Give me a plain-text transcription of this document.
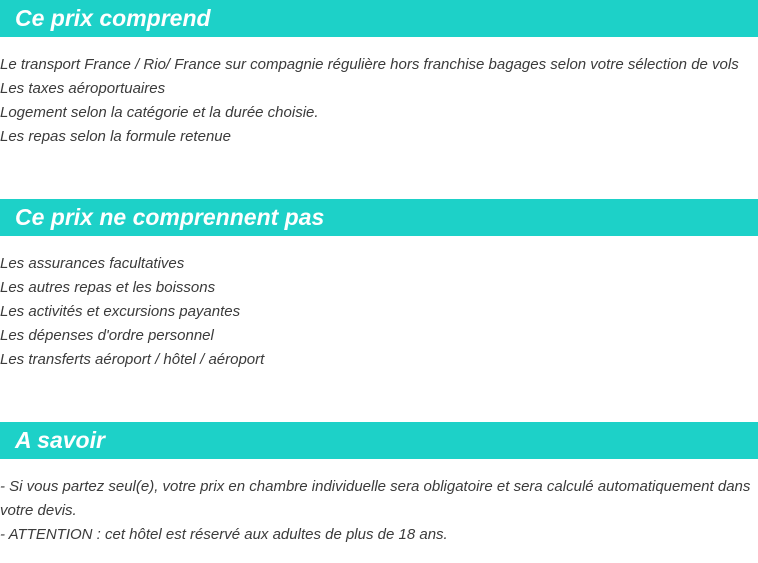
Ce prix comprend

Le transport France / Rio/ France sur compagnie régulière hors franchise bagages selon votre sélection de vols

Les taxes aéroportuaires

Logement selon la catégorie et la durée choisie.

Les repas selon la formule retenue

Ce prix ne comprennent pas

Les assurances facultatives

Les autres repas et les boissons

Les activités et excursions payantes

Les dépenses d'ordre personnel

Les transferts aéroport / hôtel / aéroport

A savoir

- Si vous partez seul(e), votre prix en chambre individuelle sera obligatoire et sera calculé automatiquement dans votre devis.

- ATTENTION : cet hôtel est réservé aux adultes de plus de 18 ans.
